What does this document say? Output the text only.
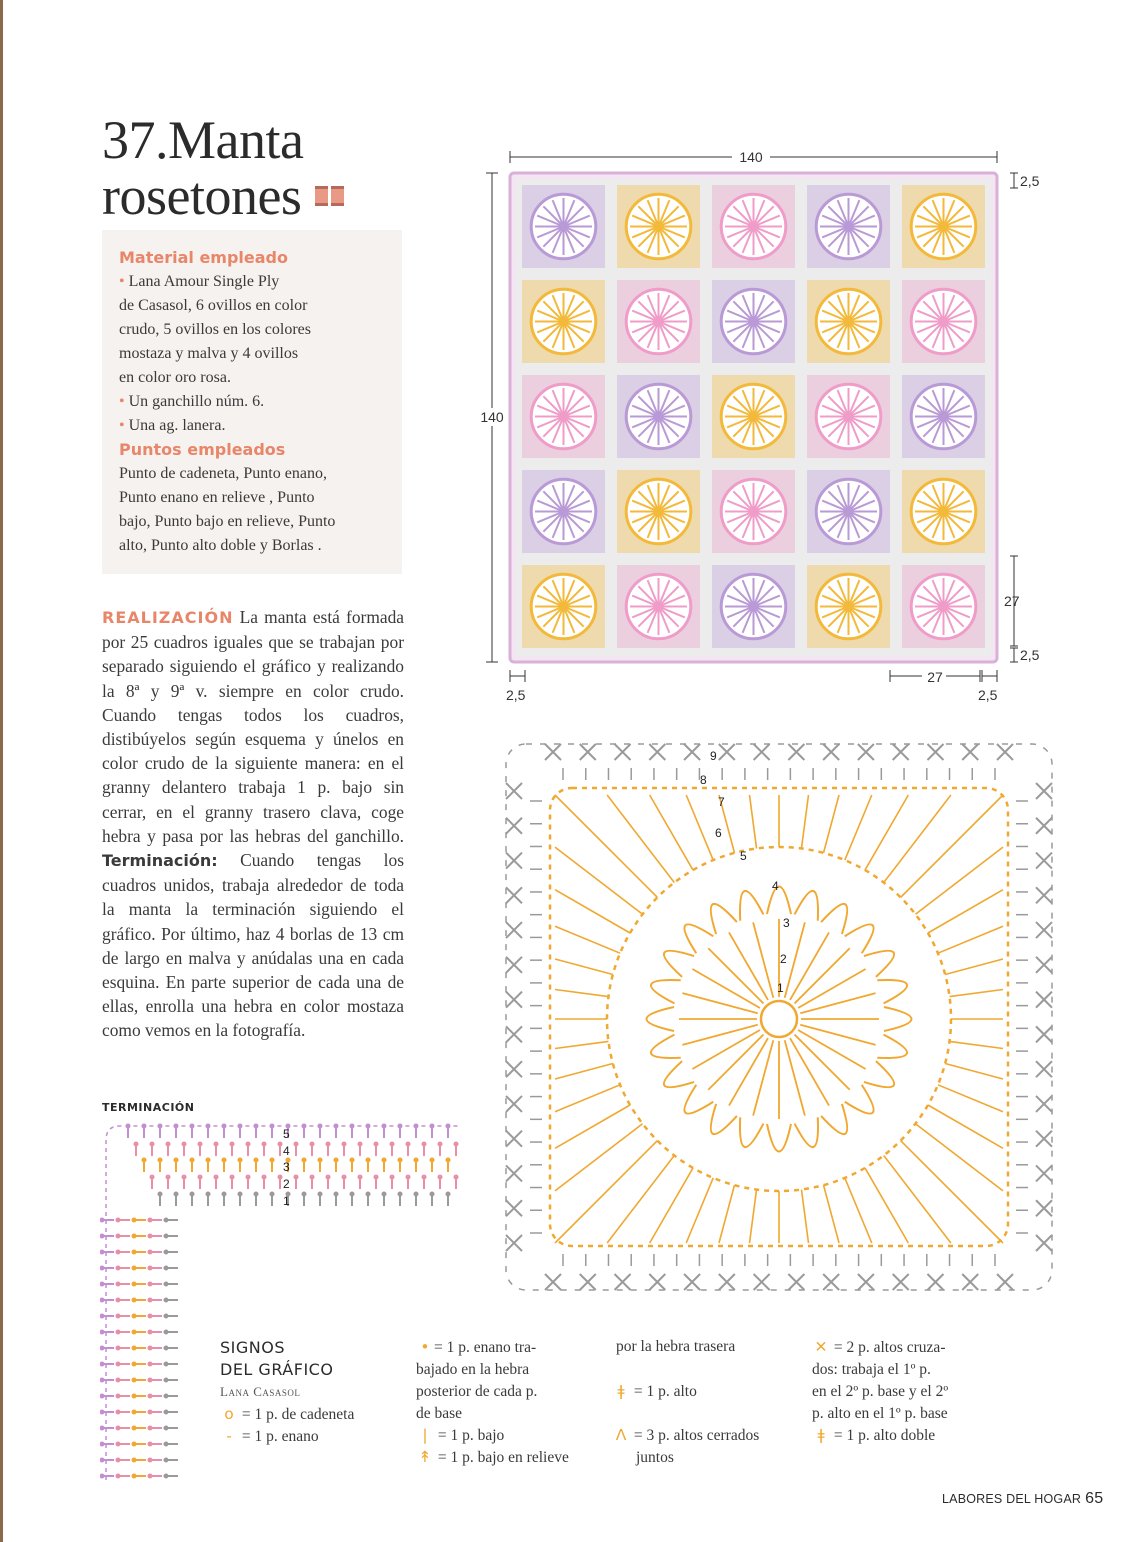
37.Manta
rosetones
Material empleado
• Lana Amour Single Ply
de Casasol, 6 ovillos en color
crudo, 5 ovillos en los colores
mostaza y malva y 4 ovillos
en color oro rosa.
• Un ganchillo núm. 6.
• Una ag. lanera.
Puntos empleados
Punto de cadeneta, Punto enano,
Punto enano en relieve , Punto
bajo, Punto bajo en relieve, Punto
alto, Punto alto doble y Borlas .
REALIZACIÓN La manta está formada por 25 cuadros iguales que se trabajan por separado siguiendo el gráfico y realizando la 8ª y 9ª v. siempre en color crudo. Cuando tengas todos los cuadros, distibúyelos según esquema y únelos en color crudo de la siguiente manera: en el granny delantero trabaja 1 p. bajo sin cerrar, en el granny trasero clava, coge hebra y pasa por las hebras del ganchillo. Terminación: Cuando tengas los cuadros unidos, trabaja alrededor de toda la manta la terminación siguiendo el gráfico. Por último, haz 4 borlas de 13 cm de largo en malva y anúdalas una en cada esquina. En parte superior de cada una de ellas, enrolla una hebra en color mostaza como vemos en la fotografía.
140
140
2,5
27
2,5
2,5
27
2,5
1
2
3
4
5
6
7
8
9
TERMINACIÓN
5
4
3
2
1
SIGNOS
DEL GRÁFICO
Lana Casasol
o = 1 p. de cadeneta
- = 1 p. enano
• = 1 p. enano tra-
bajado en la hebra
posterior de cada p.
de base
| = 1 p. bajo
↟ = 1 p. bajo en relieve
por la hebra trasera
ǂ = 1 p. alto
Λ = 3 p. altos cerrados
juntos
✕ = 2 p. altos cruza-
dos: trabaja el 1º p.
en el 2º p. base y el 2º
p. alto en el 1º p. base
ǂ = 1 p. alto doble
LABORES DEL HOGAR 65
